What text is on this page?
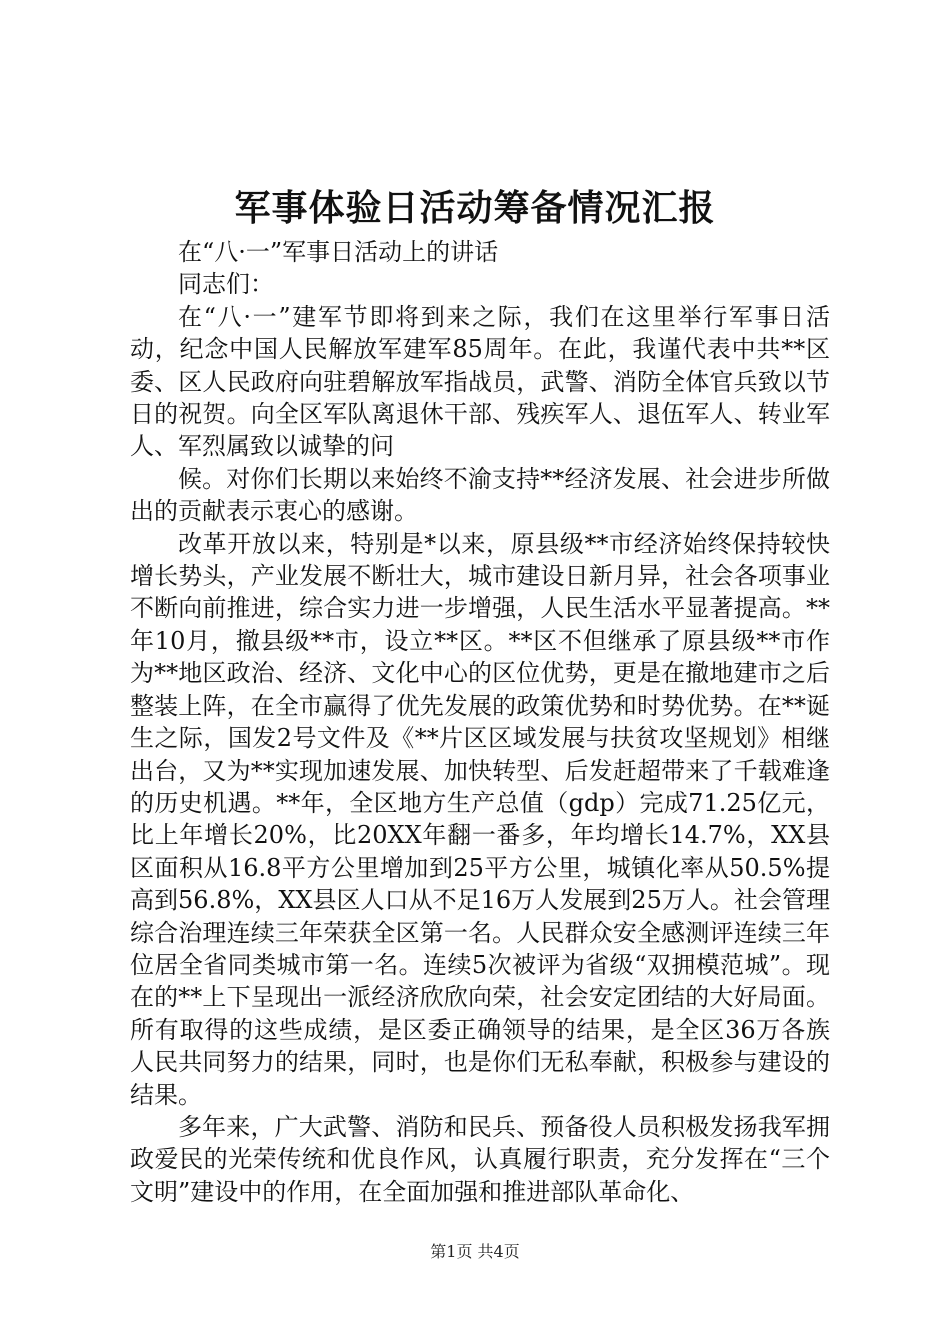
军事体验日活动筹备情况汇报

在“八·一”军事日活动上的讲话

同志们：

在“八·一”建军节即将到来之际，我们在这里举行军事日活动，纪念中国人民解放军建军85周年。在此，我谨代表中共**区委、区人民政府向驻碧解放军指战员，武警、消防全体官兵致以节日的祝贺。向全区军队离退休干部、残疾军人、退伍军人、转业军人、军烈属致以诚挚的问

候。对你们长期以来始终不渝支持**经济发展、社会进步所做出的贡献表示衷心的感谢。

改革开放以来，特别是*以来，原县级**市经济始终保持较快增长势头，产业发展不断壮大，城市建设日新月异，社会各项事业不断向前推进，综合实力进一步增强，人民生活水平显著提高。**年10月，撤县级**市，设立**区。**区不但继承了原县级**市作为**地区政治、经济、文化中心的区位优势，更是在撤地建市之后整装上阵，在全市赢得了优先发展的政策优势和时势优势。在**诞生之际，国发2号文件及《**片区区域发展与扶贫攻坚规划》相继出台，又为**实现加速发展、加快转型、后发赶超带来了千载难逢的历史机遇。**年，全区地方生产总值（gdp）完成71.25亿元，比上年增长20%，比20XX年翻一番多，年均增长14.7%，XX县区面积从16.8平方公里增加到25平方公里，城镇化率从50.5%提高到56.8%，XX县区人口从不足16万人发展到25万人。社会管理综合治理连续三年荣获全区第一名。人民群众安全感测评连续三年位居全省同类城市第一名。连续5次被评为省级“双拥模范城”。现在的**上下呈现出一派经济欣欣向荣，社会安定团结的大好局面。所有取得的这些成绩，是区委正确领导的结果，是全区36万各族人民共同努力的结果，同时，也是你们无私奉献，积极参与建设的结果。

多年来，广大武警、消防和民兵、预备役人员积极发扬我军拥政爱民的光荣传统和优良作风，认真履行职责，充分发挥在“三个文明”建设中的作用，在全面加强和推进部队革命化、

第1页 共4页
